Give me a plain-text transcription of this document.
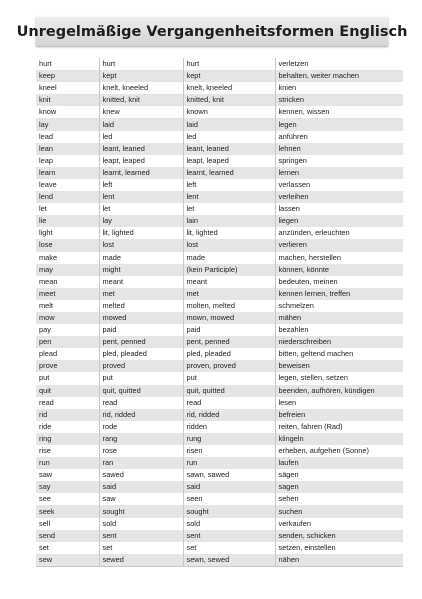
Unregelmäßige Vergangenheitsformen Englisch
hurt	hurt	hurt	verletzen
keep	kept	kept	behalten, weiter machen
kneel	knelt, kneeled	knelt, kneeled	knien
knit	knitted, knit	knitted, knit	stricken
know	knew	known	kennen, wissen
lay	laid	laid	legen
lead	led	led	anführen
lean	leant, leaned	leant, leaned	lehnen
leap	leapt, leaped	leapt, leaped	springen
learn	learnt, learned	learnt, learned	lernen
leave	left	left	verlassen
lend	lent	lent	verleihen
let	let	let	lassen
lie	lay	lain	liegen
light	lit, lighted	lit, lighted	anzünden, erleuchten
lose	lost	lost	verlieren
make	made	made	machen, herstellen
may	might	(kein Participle)	können, könnte
mean	meant	meant	bedeuten, meinen
meet	met	met	kennen lernen, treffen
melt	melted	molten, melted	schmelzen
mow	mowed	mown, mowed	mähen
pay	paid	paid	bezahlen
pen	pent, penned	pent, penned	niederschreiben
plead	pled, pleaded	pled, pleaded	bitten, geltend machen
prove	proved	proven, proved	beweisen
put	put	put	legen, stellen, setzen
quit	quit, quitted	quit, quitted	beenden, aufhören, kündigen
read	read	read	lesen
rid	rid, ridded	rid, ridded	befreien
ride	rode	ridden	reiten, fahren (Rad)
ring	rang	rung	klingeln
rise	rose	risen	erheben, aufgehen (Sonne)
run	ran	run	laufen
saw	sawed	sawn, sawed	sägen
say	said	said	sagen
see	saw	seen	sehen
seek	sought	sought	suchen
sell	sold	sold	verkaufen
send	sent	sent	senden, schicken
set	set	set	setzen, einstellen
sew	sewed	sewn, sewed	nähen
